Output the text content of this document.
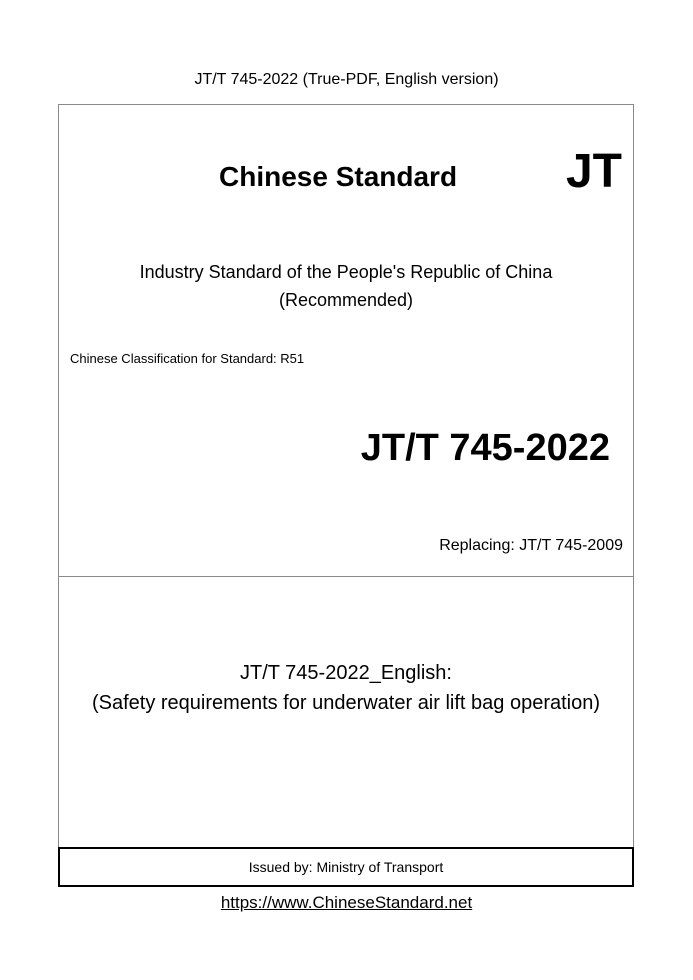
JT/T 745-2022 (True-PDF, English version)
Chinese Standard JT
Industry Standard of the People's Republic of China
(Recommended)
Chinese Classification for Standard: R51
JT/T 745-2022
Replacing: JT/T 745-2009
JT/T 745-2022_English:
(Safety requirements for underwater air lift bag operation)
Issued by: Ministry of Transport
https://www.ChineseStandard.net
